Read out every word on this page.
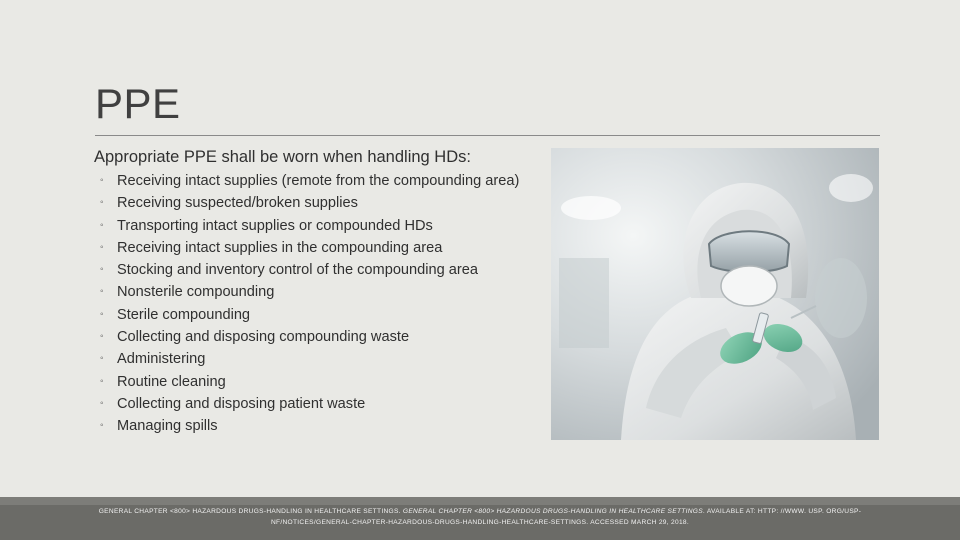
PPE
Appropriate PPE shall be worn when handling HDs:
◦ Receiving intact supplies (remote from the compounding area)
◦ Receiving suspected/broken supplies
◦ Transporting intact supplies or compounded HDs
◦ Receiving intact supplies in the compounding area
◦ Stocking and inventory control of the compounding area
◦ Nonsterile compounding
◦ Sterile compounding
◦ Collecting and disposing compounding waste
◦ Administering
◦ Routine cleaning
◦ Collecting and disposing patient waste
◦ Managing spills
GENERAL CHAPTER <800> HAZARDOUS DRUGS-HANDLING IN HEALTHCARE SETTINGS. GENERAL CHAPTER <800> HAZARDOUS DRUGS-HANDLING IN HEALTHCARE SETTINGS. AVAILABLE AT: HTTP: //WWW. USP. ORG/USP-NF/NOTICES/GENERAL-CHAPTER-HAZARDOUS-DRUGS-HANDLING-HEALTHCARE-SETTINGS. ACCESSED MARCH 29, 2018.
